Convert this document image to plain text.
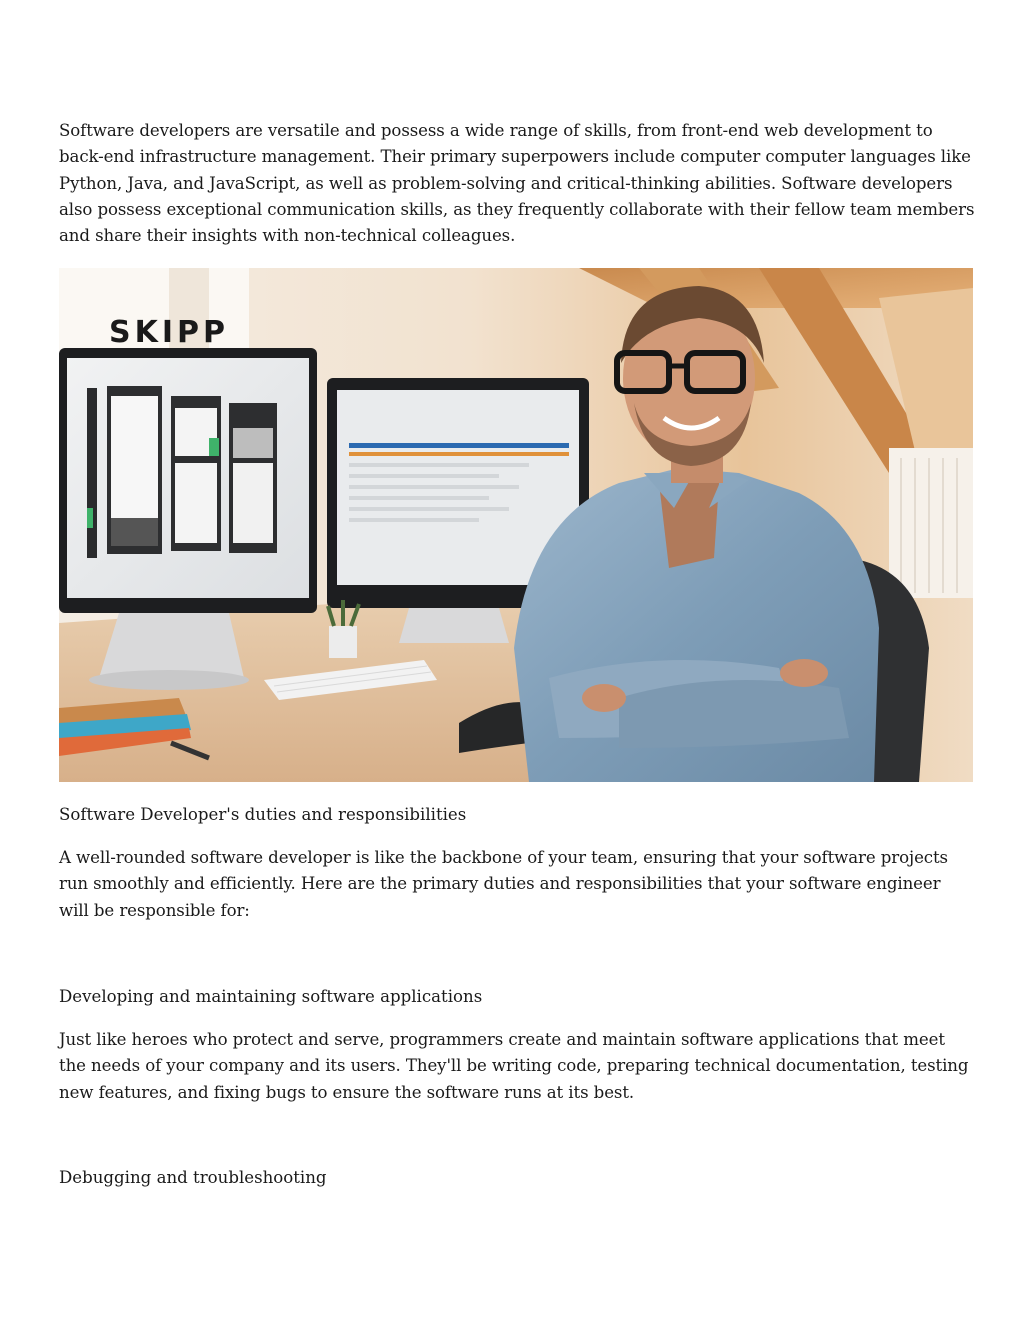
Software developers are versatile and possess a wide range of skills, from front-end web development to back-end infrastructure management. Their primary superpowers include computer computer languages like Python, Java, and JavaScript, as well as problem-solving and critical-thinking abilities. Software developers also possess exceptional communication skills, as they frequently collaborate with their fellow team members and share their insights with non-technical colleagues.

SKIPP
Software Developer's duties and responsibilities

A well-rounded software developer is like the backbone of your team, ensuring that your software projects run smoothly and efficiently. Here are the primary duties and responsibilities that your software engineer will be responsible for:

Developing and maintaining software applications

Just like heroes who protect and serve, programmers create and maintain software applications that meet the needs of your company and its users. They'll be writing code, preparing technical documentation, testing new features, and fixing bugs to ensure the software runs at its best.

Debugging and troubleshooting
